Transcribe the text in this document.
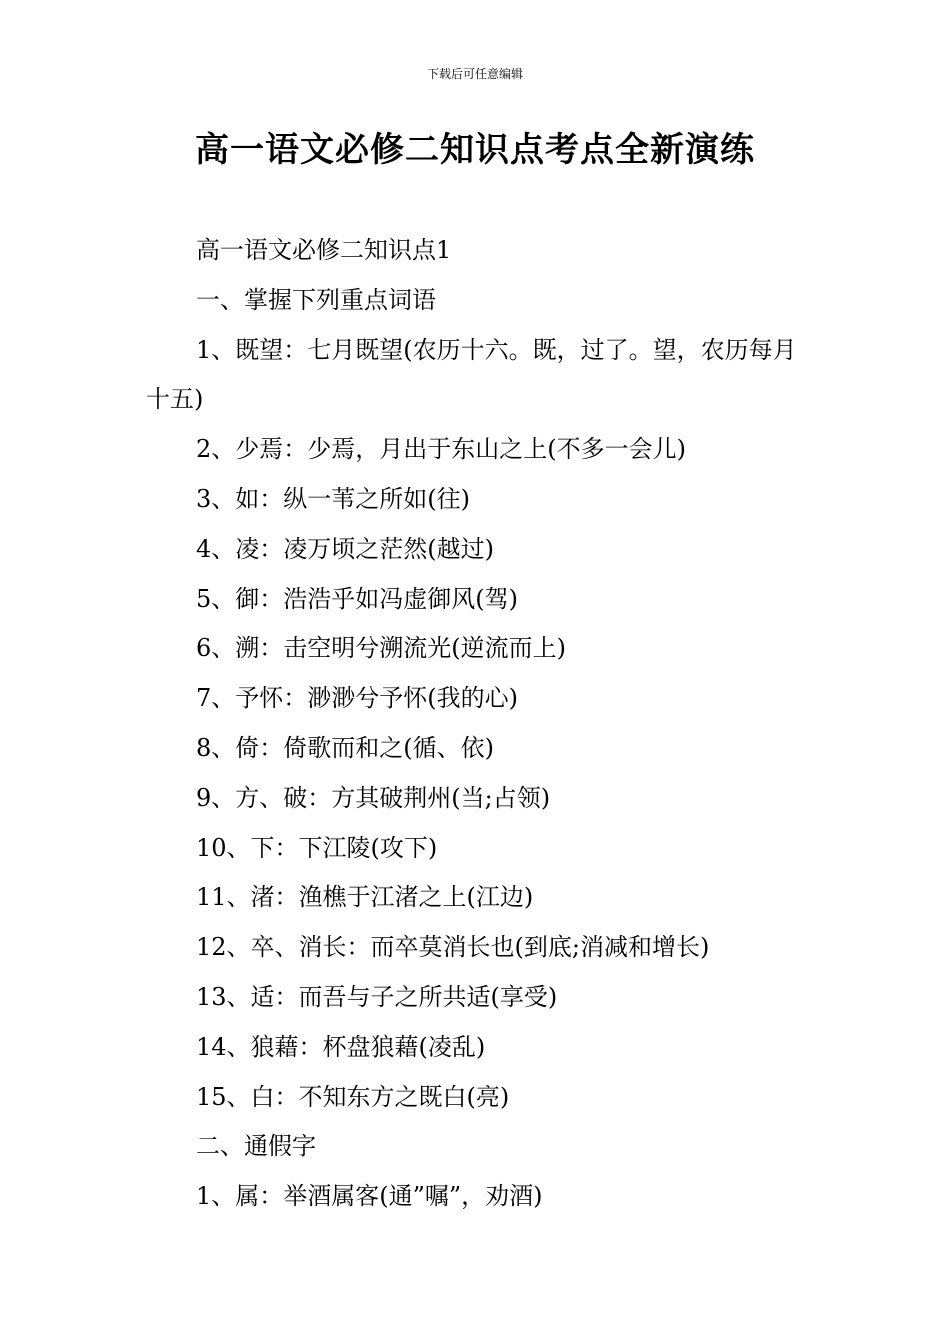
下载后可任意编辑
高一语文必修二知识点考点全新演练

高一语文必修二知识点1

一、掌握下列重点词语

1、既望：七月既望(农历十六。既，过了。望，农历每月十五)

2、少焉：少焉，月出于东山之上(不多一会儿)

3、如：纵一苇之所如(往)

4、凌：凌万顷之茫然(越过)

5、御：浩浩乎如冯虚御风(驾)

6、溯：击空明兮溯流光(逆流而上)

7、予怀：渺渺兮予怀(我的心)

8、倚：倚歌而和之(循、依)

9、方、破：方其破荆州(当;占领)

10、下：下江陵(攻下)

11、渚：渔樵于江渚之上(江边)

12、卒、消长：而卒莫消长也(到底;消减和增长)

13、适：而吾与子之所共适(享受)

14、狼藉：杯盘狼藉(凌乱)

15、白：不知东方之既白(亮)

二、通假字

1、属：举酒属客(通”嘱”，劝酒)
